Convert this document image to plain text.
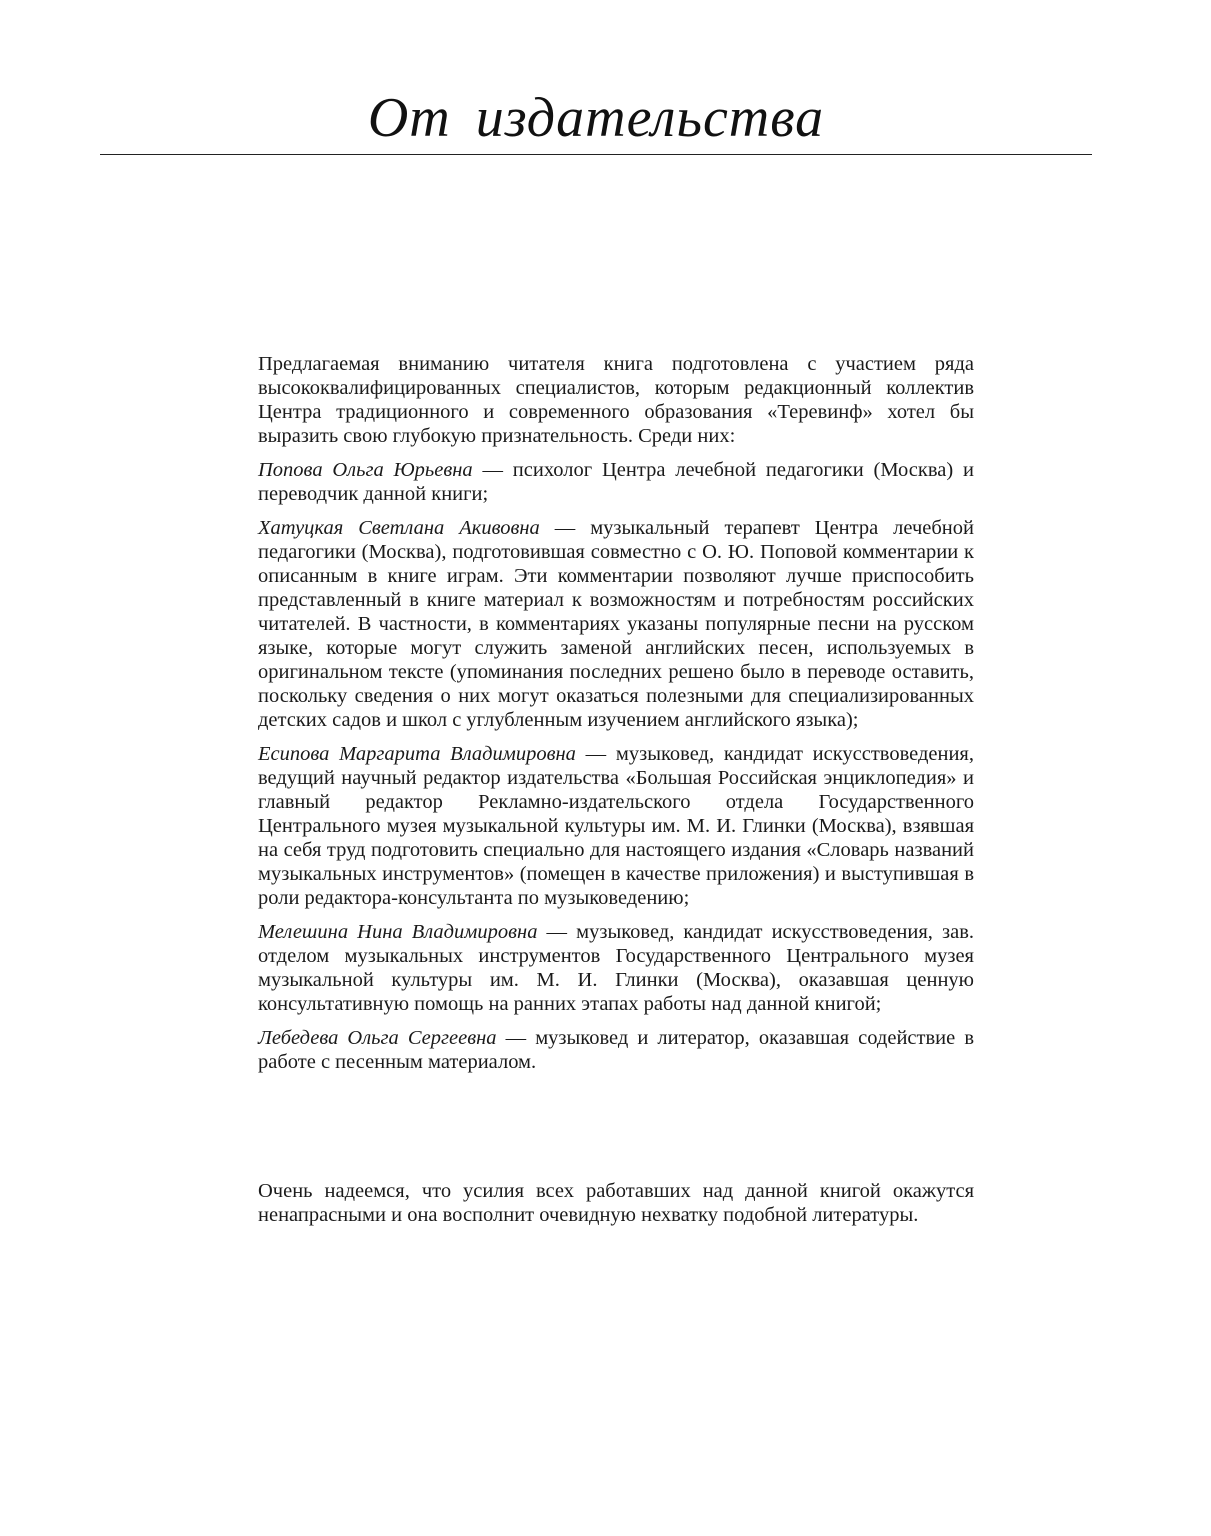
От издательства

Предлагаемая вниманию читателя книга подготовлена с участием ряда высококвалифицированных специалистов, которым редакционный коллектив Центра традиционного и современного образования «Теревинф» хотел бы выразить свою глубокую признательность. Среди них:

Попова Ольга Юрьевна — психолог Центра лечебной педагогики (Москва) и переводчик данной книги;

Хатуцкая Светлана Акивовна — музыкальный терапевт Центра лечебной педагогики (Москва), подготовившая совместно с О. Ю. Поповой комментарии к описанным в книге играм. Эти комментарии позволяют лучше приспособить представленный в книге материал к возможностям и потребностям российских читателей. В частности, в комментариях указаны популярные песни на русском языке, которые могут служить заменой английских песен, используемых в оригинальном тексте (упоминания последних решено было в переводе оставить, поскольку сведения о них могут оказаться полезными для специализированных детских садов и школ с углубленным изучением английского языка);

Есипова Маргарита Владимировна — музыковед, кандидат искусствоведения, ведущий научный редактор издательства «Большая Российская энциклопедия» и главный редактор Рекламно-издательского отдела Государственного Центрального музея музыкальной культуры им. М. И. Глинки (Москва), взявшая на себя труд подготовить специально для настоящего издания «Словарь названий музыкальных инструментов» (помещен в качестве приложения) и выступившая в роли редактора-консультанта по музыковедению;

Мелешина Нина Владимировна — музыковед, кандидат искусствоведения, зав. отделом музыкальных инструментов Государственного Центрального музея музыкальной культуры им. М. И. Глинки (Москва), оказавшая ценную консультативную помощь на ранних этапах работы над данной книгой;

Лебедева Ольга Сергеевна — музыковед и литератор, оказавшая содействие в работе с песенным материалом.

Очень надеемся, что усилия всех работавших над данной книгой окажутся ненапрасными и она восполнит очевидную нехватку подобной литературы.
